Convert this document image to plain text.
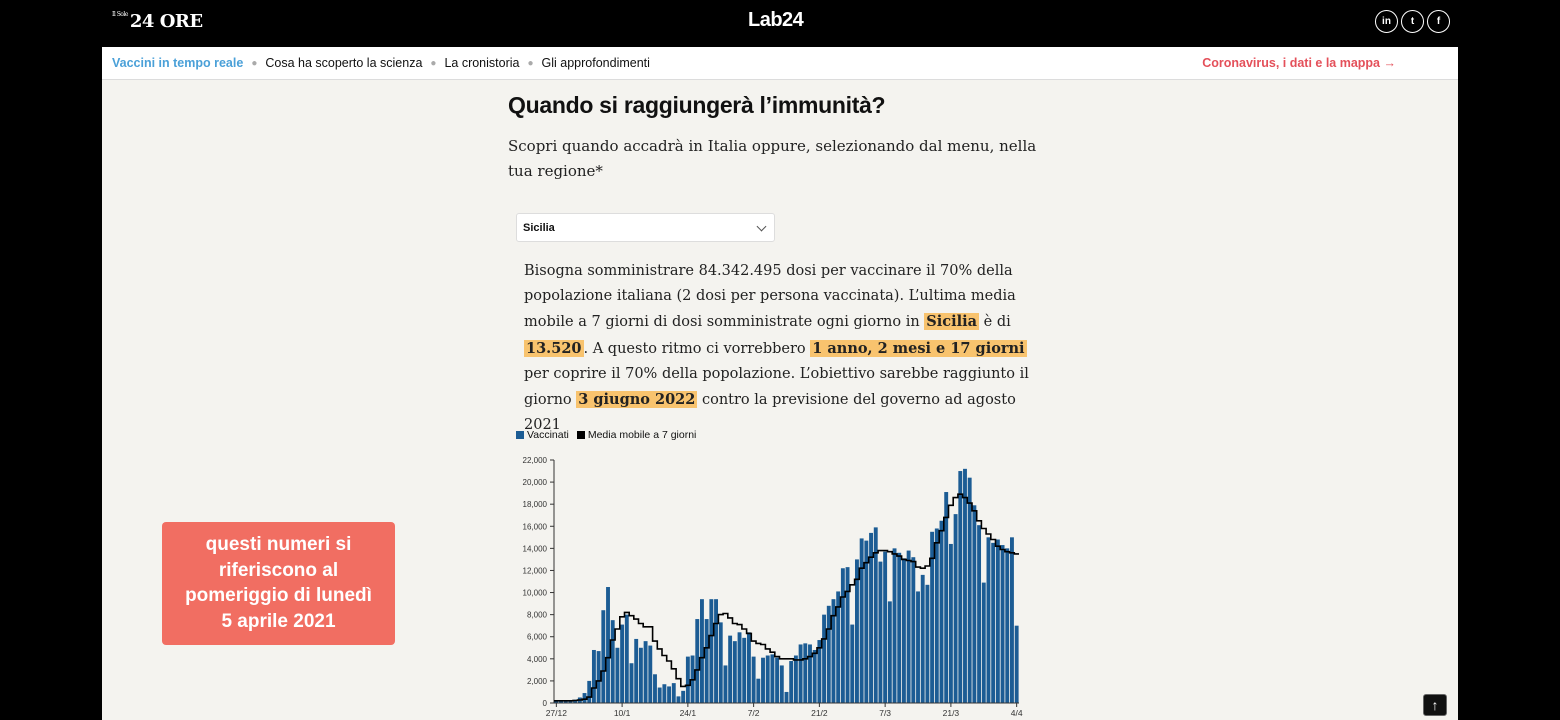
$^{Il Sole}$ 24 ORE	Lab24	in	t	f
Vaccini in tempo reale ● Cosa ha scoperto la scienza ● La cronistoria ● Gli approfondimenti	Coronavirus, i dati e la mappa →
Quando si raggiungerà l’immunità?

Scopri quando accadrà in Italia oppure, selezionando dal menu, nella tua regione*

Sicilia

Bisogna somministrare 84.342.495 dosi per vaccinare il 70% della popolazione italiana (2 dosi per persona vaccinata). L’ultima media mobile a 7 giorni di dosi somministrate ogni giorno in Sicilia è di 13.520 . A questo ritmo ci vorrebbero 1 anno, 2 mesi e 17 giorni per coprire il 70% della popolazione. L’obiettivo sarebbe raggiunto il giorno 3 giugno 2022 contro la previsione del governo ad agosto 2021

Vaccinati Media mobile a 7 giorni
0
2,000
4,000
6,000
8,000
10,000
12,000
14,000
16,000
18,000
20,000
22,000
27/12	10/1	24/1	7/2	21/2	7/3	21/3	4/4
questi numeri si
riferiscono al
pomeriggio di lunedì
5 aprile 2021
↑
